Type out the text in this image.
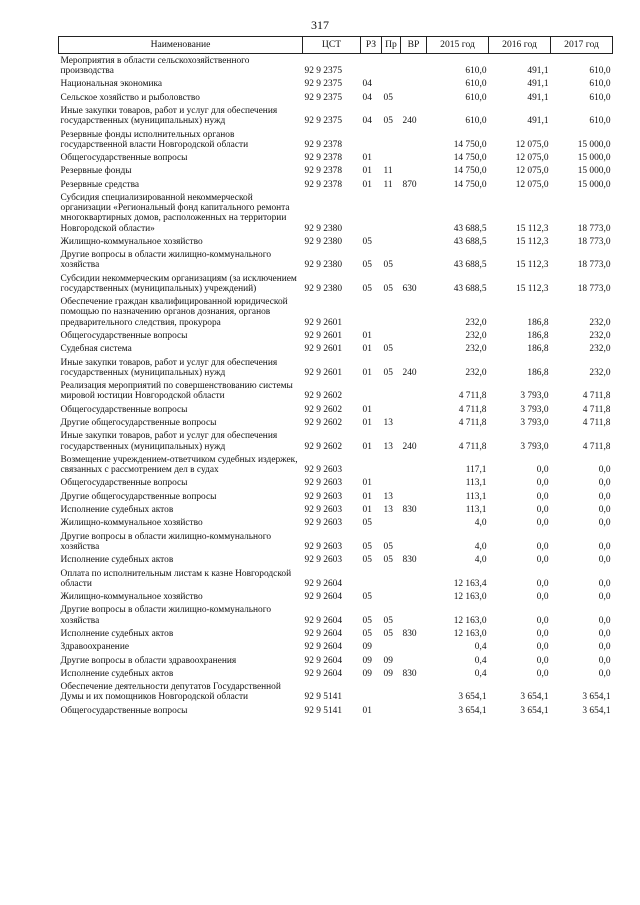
317
Наименование	ЦСТ	РЗ	Пр	ВР	2015 год	2016 год	2017 год
Мероприятия в области сельскохозяйственного производства	92 9 2375				610,0	491,1	610,0
Национальная экономика	92 9 2375	04			610,0	491,1	610,0
Сельское хозяйство и рыболовство	92 9 2375	04	05		610,0	491,1	610,0
Иные закупки товаров, работ и услуг для обеспечения государственных (муниципальных) нужд	92 9 2375	04	05	240	610,0	491,1	610,0
Резервные фонды исполнительных органов государственной власти Новгородской области	92 9 2378				14 750,0	12 075,0	15 000,0
Общегосударственные вопросы	92 9 2378	01			14 750,0	12 075,0	15 000,0
Резервные фонды	92 9 2378	01	11		14 750,0	12 075,0	15 000,0
Резервные средства	92 9 2378	01	11	870	14 750,0	12 075,0	15 000,0
Субсидия специализированной некоммерческой организации «Региональный фонд капитального ремонта многоквартирных домов, расположенных на территории Новгородской области»	92 9 2380				43 688,5	15 112,3	18 773,0
Жилищно-коммунальное хозяйство	92 9 2380	05			43 688,5	15 112,3	18 773,0
Другие вопросы в области жилищно-коммунального хозяйства	92 9 2380	05	05		43 688,5	15 112,3	18 773,0
Субсидии некоммерческим организациям (за исключением государственных (муниципальных) учреждений)	92 9 2380	05	05	630	43 688,5	15 112,3	18 773,0
Обеспечение граждан квалифицированной юридической помощью по назначению органов дознания, органов предварительного следствия, прокурора	92 9 2601				232,0	186,8	232,0
Общегосударственные вопросы	92 9 2601	01			232,0	186,8	232,0
Судебная система	92 9 2601	01	05		232,0	186,8	232,0
Иные закупки товаров, работ и услуг для обеспечения государственных (муниципальных) нужд	92 9 2601	01	05	240	232,0	186,8	232,0
Реализация мероприятий по совершенствованию системы мировой юстиции Новгородской области	92 9 2602				4 711,8	3 793,0	4 711,8
Общегосударственные вопросы	92 9 2602	01			4 711,8	3 793,0	4 711,8
Другие общегосударственные вопросы	92 9 2602	01	13		4 711,8	3 793,0	4 711,8
Иные закупки товаров, работ и услуг для обеспечения государственных (муниципальных) нужд	92 9 2602	01	13	240	4 711,8	3 793,0	4 711,8
Возмещение учреждением-ответчиком судебных издержек, связанных с рассмотрением дел в судах	92 9 2603				117,1	0,0	0,0
Общегосударственные вопросы	92 9 2603	01			113,1	0,0	0,0
Другие общегосударственные вопросы	92 9 2603	01	13		113,1	0,0	0,0
Исполнение судебных актов	92 9 2603	01	13	830	113,1	0,0	0,0
Жилищно-коммунальное хозяйство	92 9 2603	05			4,0	0,0	0,0
Другие вопросы в области жилищно-коммунального хозяйства	92 9 2603	05	05		4,0	0,0	0,0
Исполнение судебных актов	92 9 2603	05	05	830	4,0	0,0	0,0
Оплата по исполнительным листам к казне Новгородской области	92 9 2604				12 163,4	0,0	0,0
Жилищно-коммунальное хозяйство	92 9 2604	05			12 163,0	0,0	0,0
Другие вопросы в области жилищно-коммунального хозяйства	92 9 2604	05	05		12 163,0	0,0	0,0
Исполнение судебных актов	92 9 2604	05	05	830	12 163,0	0,0	0,0
Здравоохранение	92 9 2604	09			0,4	0,0	0,0
Другие вопросы в области здравоохранения	92 9 2604	09	09		0,4	0,0	0,0
Исполнение судебных актов	92 9 2604	09	09	830	0,4	0,0	0,0
Обеспечение деятельности депутатов Государственной Думы и их помощников Новгородской области	92 9 5141				3 654,1	3 654,1	3 654,1
Общегосударственные вопросы	92 9 5141	01			3 654,1	3 654,1	3 654,1
